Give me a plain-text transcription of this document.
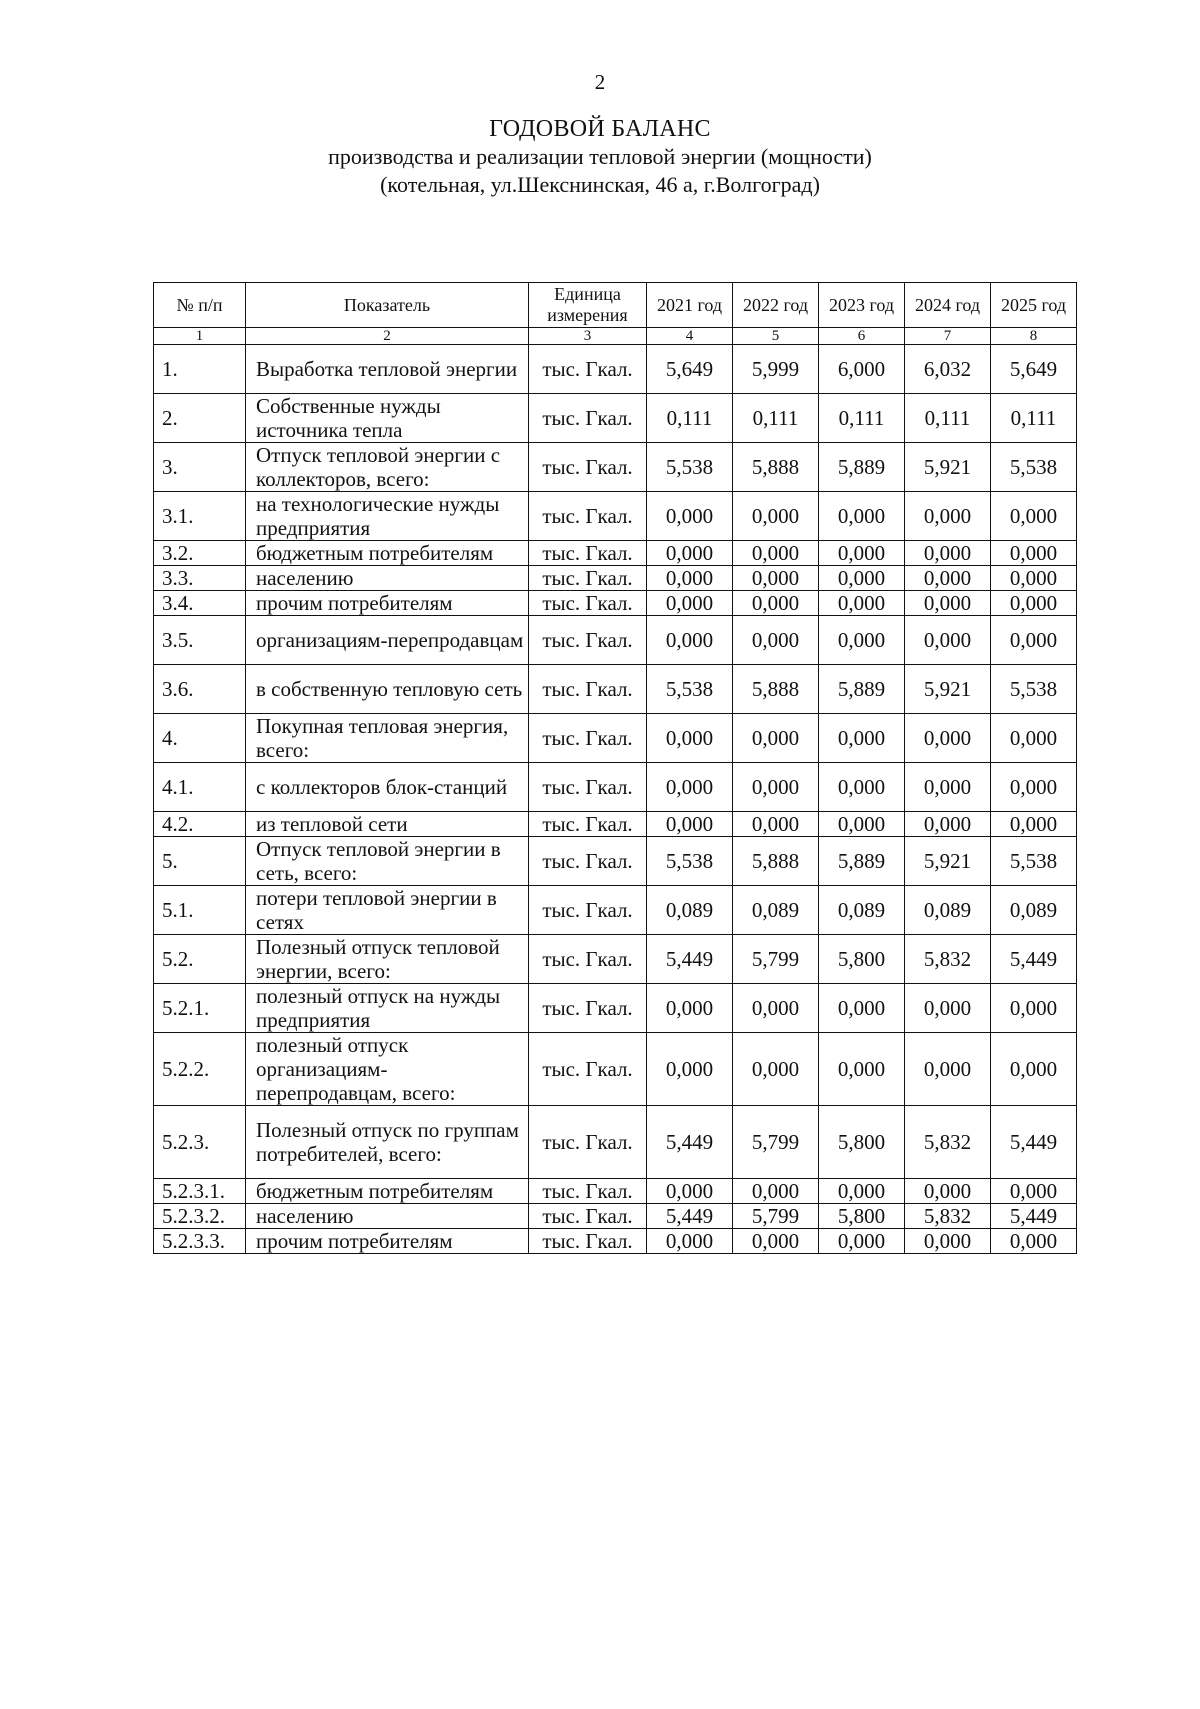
2
ГОДОВОЙ БАЛАНС
производства и реализации тепловой энергии (мощности)
(котельная, ул.Шекснинская, 46 а, г.Волгоград)
№ п/п	Показатель	Единица измерения	2021 год	2022 год	2023 год	2024 год	2025 год
1	2	3	4	5	6	7	8
1.	Выработка тепловой энергии	тыс. Гкал.	5,649	5,999	6,000	6,032	5,649
2.	Собственные нужды источника тепла	тыс. Гкал.	0,111	0,111	0,111	0,111	0,111
3.	Отпуск тепловой энергии с коллекторов, всего:	тыс. Гкал.	5,538	5,888	5,889	5,921	5,538
3.1.	на технологические нужды предприятия	тыс. Гкал.	0,000	0,000	0,000	0,000	0,000
3.2.	бюджетным потребителям	тыс. Гкал.	0,000	0,000	0,000	0,000	0,000
3.3.	населению	тыс. Гкал.	0,000	0,000	0,000	0,000	0,000
3.4.	прочим потребителям	тыс. Гкал.	0,000	0,000	0,000	0,000	0,000
3.5.	организациям-перепродавцам	тыс. Гкал.	0,000	0,000	0,000	0,000	0,000
3.6.	в собственную тепловую сеть	тыс. Гкал.	5,538	5,888	5,889	5,921	5,538
4.	Покупная тепловая энергия, всего:	тыс. Гкал.	0,000	0,000	0,000	0,000	0,000
4.1.	с коллекторов блок-станций	тыс. Гкал.	0,000	0,000	0,000	0,000	0,000
4.2.	из тепловой сети	тыс. Гкал.	0,000	0,000	0,000	0,000	0,000
5.	Отпуск тепловой энергии в сеть, всего:	тыс. Гкал.	5,538	5,888	5,889	5,921	5,538
5.1.	потери тепловой энергии в сетях	тыс. Гкал.	0,089	0,089	0,089	0,089	0,089
5.2.	Полезный отпуск тепловой энергии, всего:	тыс. Гкал.	5,449	5,799	5,800	5,832	5,449
5.2.1.	полезный отпуск на нужды предприятия	тыс. Гкал.	0,000	0,000	0,000	0,000	0,000
5.2.2.	полезный отпуск организациям-перепродавцам, всего:	тыс. Гкал.	0,000	0,000	0,000	0,000	0,000
5.2.3.	Полезный отпуск по группам потребителей, всего:	тыс. Гкал.	5,449	5,799	5,800	5,832	5,449
5.2.3.1.	бюджетным потребителям	тыс. Гкал.	0,000	0,000	0,000	0,000	0,000
5.2.3.2.	населению	тыс. Гкал.	5,449	5,799	5,800	5,832	5,449
5.2.3.3.	прочим потребителям	тыс. Гкал.	0,000	0,000	0,000	0,000	0,000
